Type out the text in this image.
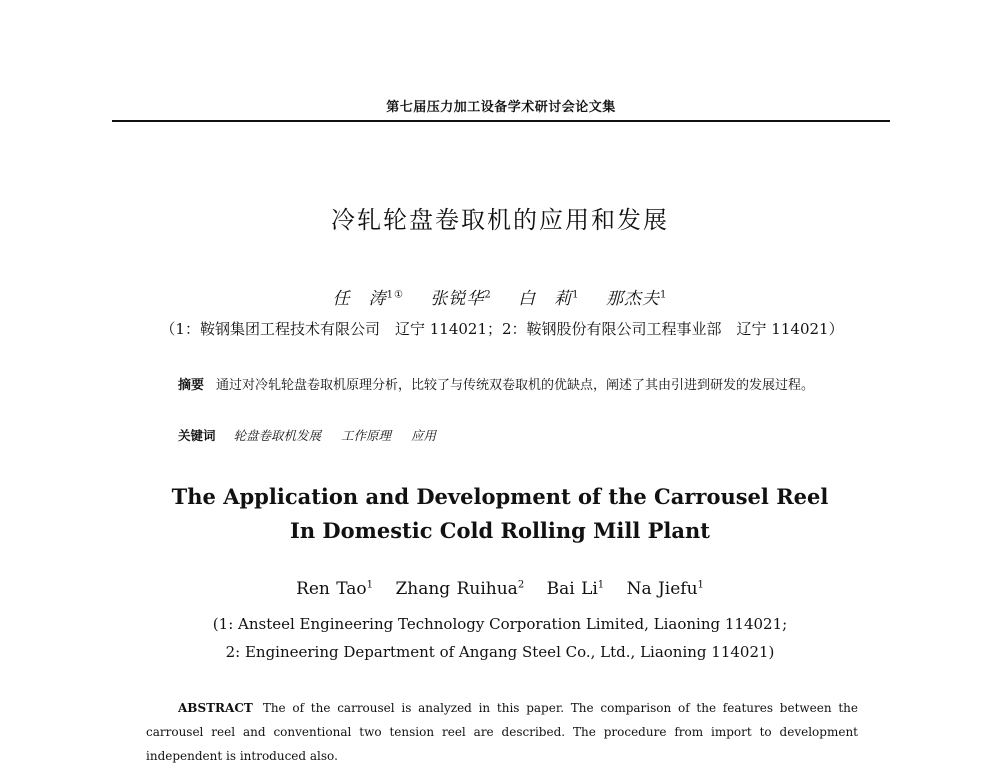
第七届压力加工设备学术研讨会论文集
冷轧轮盘卷取机的应用和发展
任　涛$^{1①}$ 张锐华$^2$ 白　莉$^1$ 那杰夫$^1$
（1：鞍钢集团工程技术有限公司　辽宁 114021；2：鞍钢股份有限公司工程事业部　辽宁 114021）
摘要 通过对冷轧轮盘卷取机原理分析，比较了与传统双卷取机的优缺点，阐述了其由引进到研发的发展过程。
关键词 轮盘卷取机发展 工作原理 应用
The Application and Development of the Carrousel Reel
In Domestic Cold Rolling Mill Plant
Ren Tao$^1$ Zhang Ruihua$^2$ Bai Li$^1$ Na Jiefu$^1$
(1: Ansteel Engineering Technology Corporation Limited, Liaoning 114021;
2: Engineering Department of Angang Steel Co., Ltd., Liaoning 114021)
ABSTRACT The of the carrousel is analyzed in this paper. The comparison of the features between the carrousel reel and conventional two tension reel are described. The procedure from import to development independent is introduced also.
